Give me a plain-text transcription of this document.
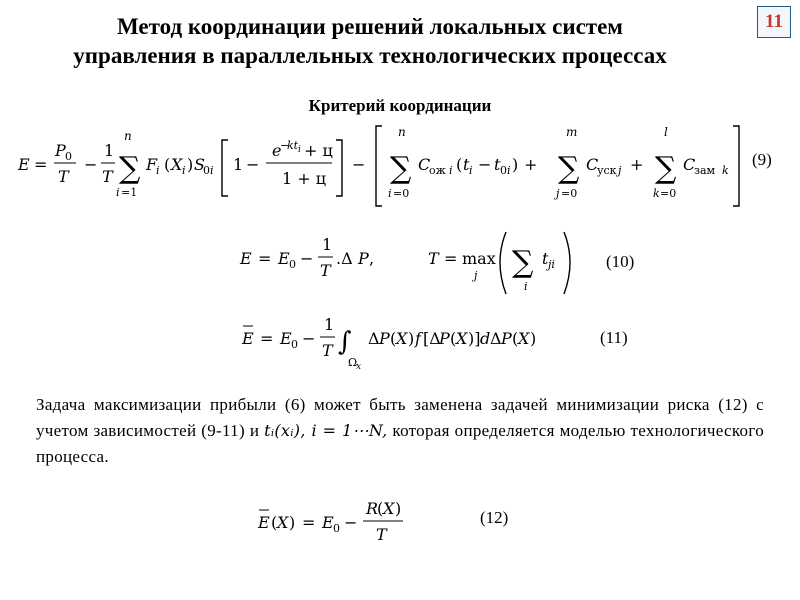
Метод координации решений локальных систем
управления в параллельных технологических процессах
11
Критерий координации
E =
P 0
T
−
1
T
n
∑
i =1
F
i ( X i ) S
0 i 1 −
e
−
kt i + ц
1 + ц
−
n
∑
i =0
C
ож i ( t i − t 0 i ) +
m
∑
j =0
C
уск j +
l
∑
k =0
C
зам k
(9)
E = E 0 −
1
T
.Δ P ,	T = max
j ∑
i
t ji	(10)
E = E 0 −
1
T ∫
Ω
x
Δ P ( X ) f [Δ
P ( X )] d Δ P ( X )	(11)
Задача максимизации прибыли (6) может быть заменена задачей минимизации риска (12) с учетом зависимостей (9-11) и tᵢ(xᵢ), i = 1⋯N, которая определяется моделью технологического процесса.
E ( X ) = E 0 −
R
( X )
T
(12)
